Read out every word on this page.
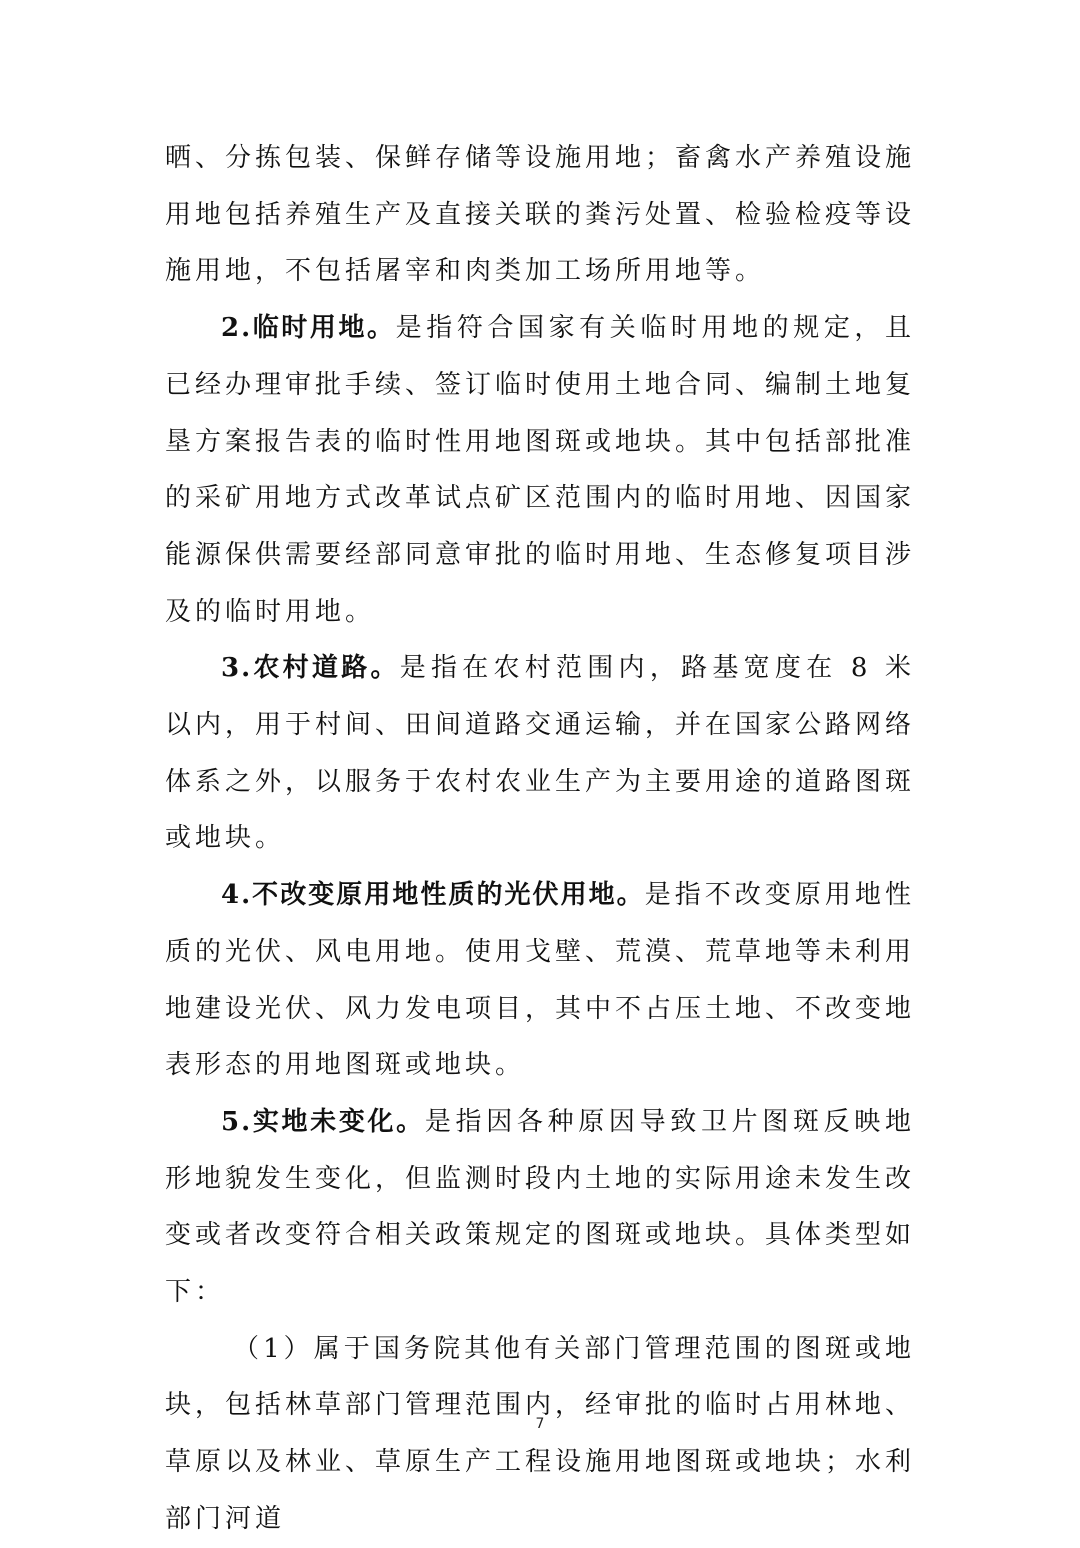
晒、分拣包装、保鲜存储等设施用地；畜禽水产养殖设施用地包括养殖生产及直接关联的粪污处置、检验检疫等设施用地，不包括屠宰和肉类加工场所用地等。

2.临时用地。是指符合国家有关临时用地的规定，且已经办理审批手续、签订临时使用土地合同、编制土地复垦方案报告表的临时性用地图斑或地块。其中包括部批准的采矿用地方式改革试点矿区范围内的临时用地、因国家能源保供需要经部同意审批的临时用地、生态修复项目涉及的临时用地。

3.农村道路。是指在农村范围内，路基宽度在 8 米以内，用于村间、田间道路交通运输，并在国家公路网络体系之外，以服务于农村农业生产为主要用途的道路图斑或地块。

4.不改变原用地性质的光伏用地。是指不改变原用地性质的光伏、风电用地。使用戈壁、荒漠、荒草地等未利用地建设光伏、风力发电项目，其中不占压土地、不改变地表形态的用地图斑或地块。

5.实地未变化。是指因各种原因导致卫片图斑反映地形地貌发生变化，但监测时段内土地的实际用途未发生改变或者改变符合相关政策规定的图斑或地块。具体类型如下：

（1）属于国务院其他有关部门管理范围的图斑或地块，包括林草部门管理范围内，经审批的临时占用林地、草原以及林业、草原生产工程设施用地图斑或地块；水利部门河道

7
